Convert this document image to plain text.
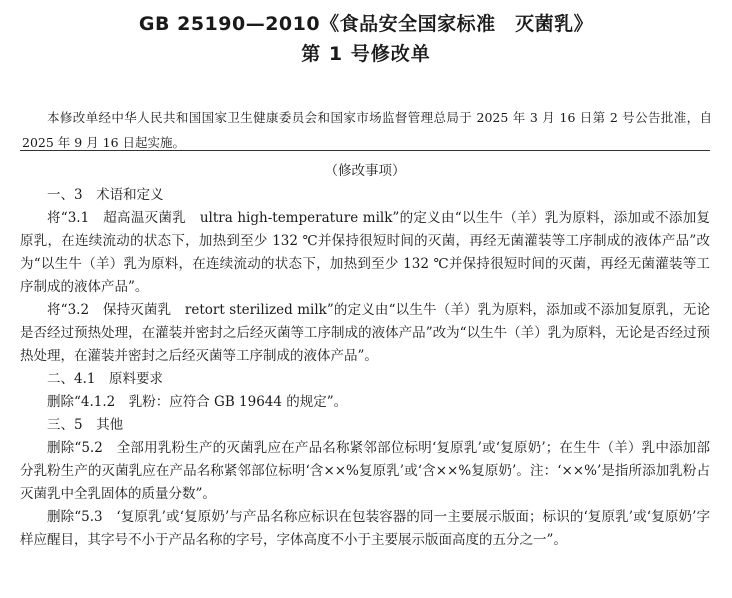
GB 25190—2010《食品安全国家标准　灭菌乳》
第 1 号修改单

本修改单经中华人民共和国国家卫生健康委员会和国家市场监督管理总局于 2025 年 3 月 16 日第 2 号公告批准，自 2025 年 9 月 16 日起实施。

（修改事项）

一、3　术语和定义

将“3.1　超高温灭菌乳　ultra high-temperature milk”的定义由“以生牛（羊）乳为原料，添加或不添加复原乳，在连续流动的状态下，加热到至少 132 ℃并保持很短时间的灭菌，再经无菌灌装等工序制成的液体产品”改为“以生牛（羊）乳为原料，在连续流动的状态下，加热到至少 132 ℃并保持很短时间的灭菌，再经无菌灌装等工序制成的液体产品”。

将“3.2　保持灭菌乳　retort sterilized milk”的定义由“以生牛（羊）乳为原料，添加或不添加复原乳，无论是否经过预热处理，在灌装并密封之后经灭菌等工序制成的液体产品”改为“以生牛（羊）乳为原料，无论是否经过预热处理，在灌装并密封之后经灭菌等工序制成的液体产品”。

二、4.1　原料要求

删除“4.1.2　乳粉：应符合 GB 19644 的规定”。

三、5　其他

删除“5.2　全部用乳粉生产的灭菌乳应在产品名称紧邻部位标明‘复原乳’或‘复原奶’；在生牛（羊）乳中添加部分乳粉生产的灭菌乳应在产品名称紧邻部位标明‘含××%复原乳’或‘含××%复原奶’。注：‘××%’是指所添加乳粉占灭菌乳中全乳固体的质量分数”。

删除“5.3　‘复原乳’或‘复原奶’与产品名称应标识在包装容器的同一主要展示版面；标识的‘复原乳’或‘复原奶’字样应醒目，其字号不小于产品名称的字号，字体高度不小于主要展示版面高度的五分之一”。
